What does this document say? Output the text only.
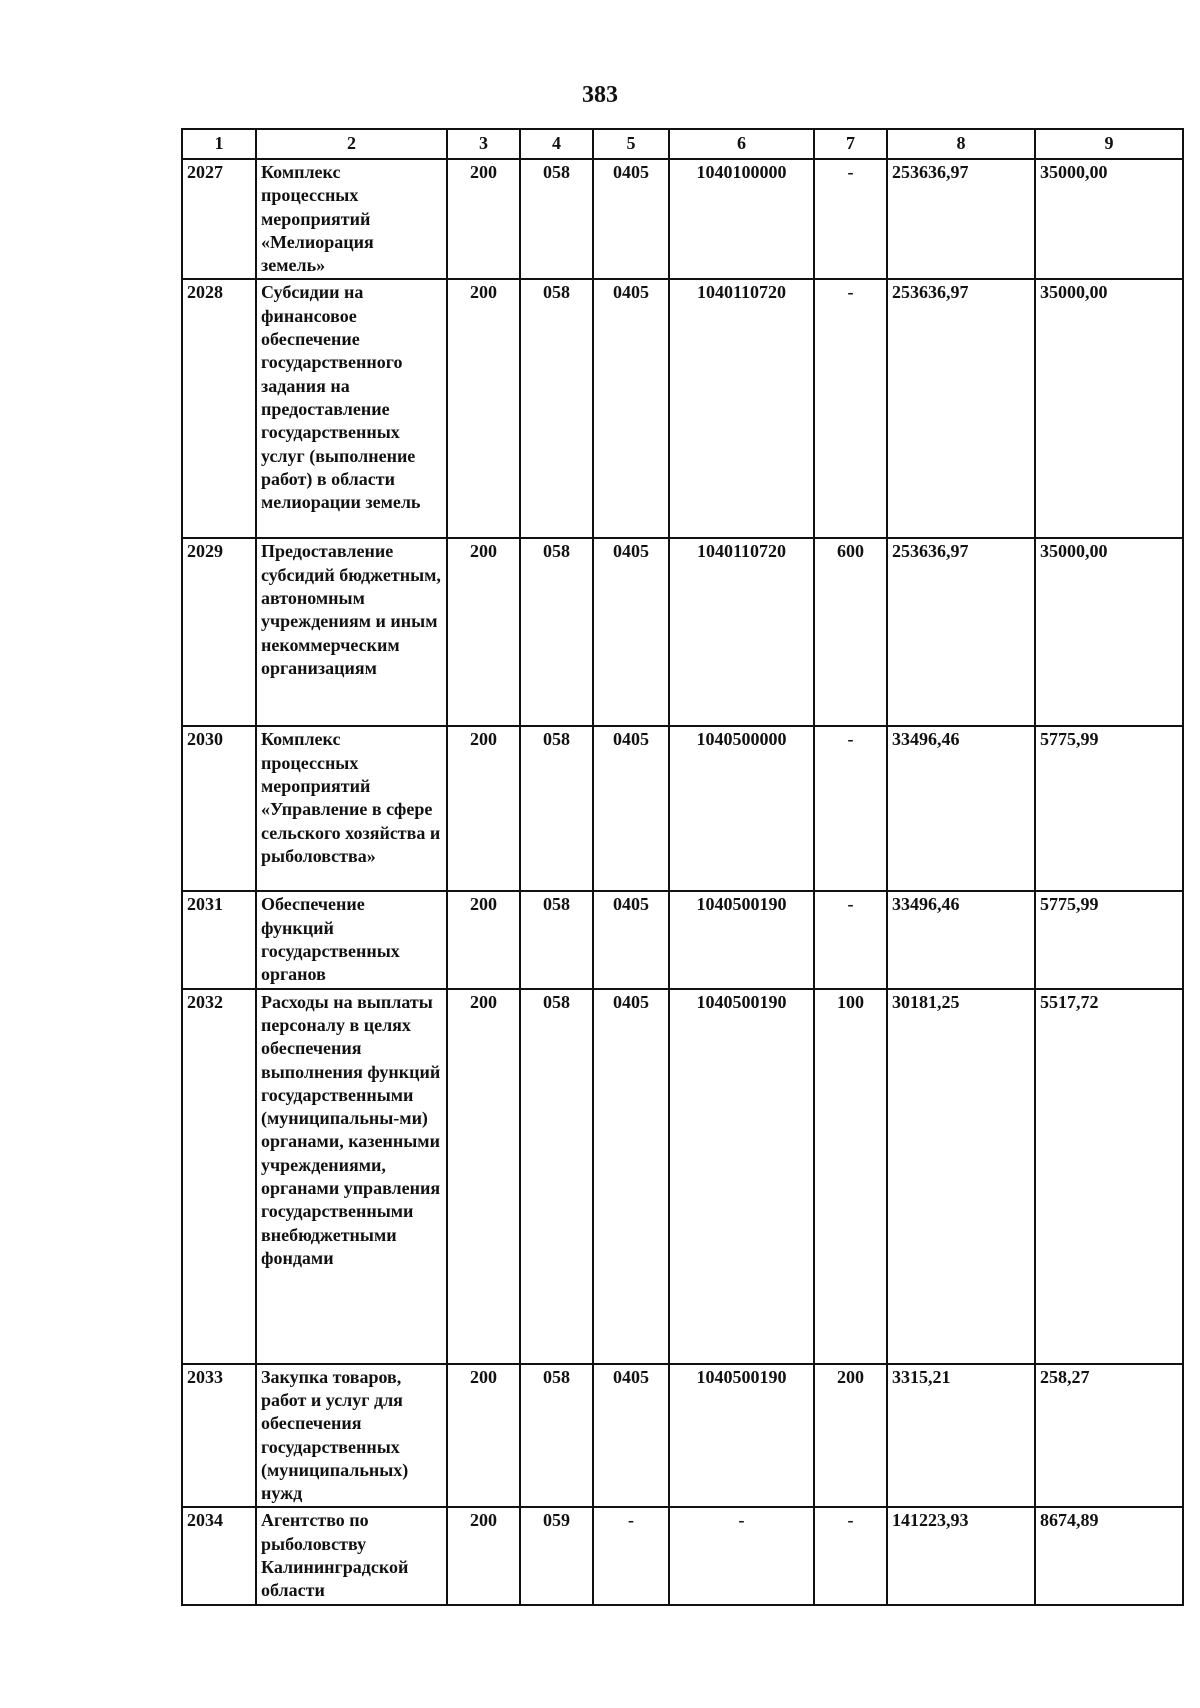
383
1	2	3	4	5	6	7	8	9
2027	Комплекс процессных мероприятий «Мелиорация земель»	200	058	0405	1040100000	-	253636,97	35000,00
2028	Субсидии на финансовое обеспечение государственного задания на предоставление государственных услуг (выполнение работ) в области мелиорации земель	200	058	0405	1040110720	-	253636,97	35000,00
2029	Предоставление субсидий бюджетным, автономным учреждениям и иным некоммерческим организациям	200	058	0405	1040110720	600	253636,97	35000,00
2030	Комплекс процессных мероприятий «Управление в сфере сельского хозяйства и рыболовства»	200	058	0405	1040500000	-	33496,46	5775,99
2031	Обеспечение функций государственных органов	200	058	0405	1040500190	-	33496,46	5775,99
2032	Расходы на выплаты персоналу в целях обеспечения выполнения функций государственными (муниципальны-ми) органами, казенными учреждениями, органами управления государственными внебюджетными фондами	200	058	0405	1040500190	100	30181,25	5517,72
2033	Закупка товаров, работ и услуг для обеспечения государственных (муниципальных) нужд	200	058	0405	1040500190	200	3315,21	258,27
2034	Агентство по рыболовству Калининградской области	200	059	-	-	-	141223,93	8674,89
